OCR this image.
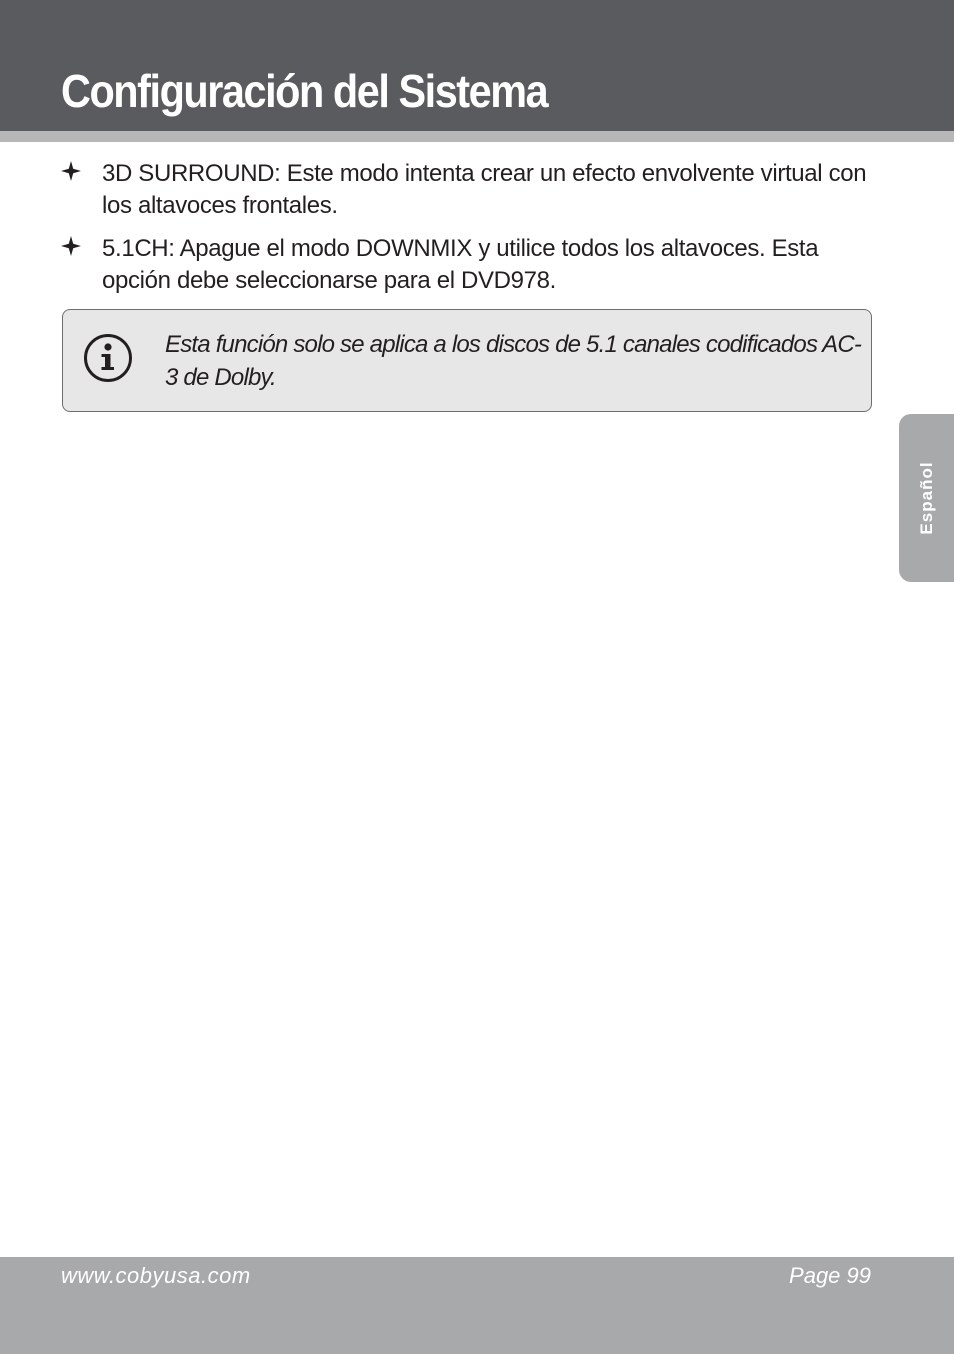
Configuración del Sistema
3D SURROUND: Este modo intenta crear un efecto envolvente virtual con los altavoces frontales.
5.1CH: Apague el modo DOWNMIX y utilice todos los altavoces. Esta opción debe seleccionarse para el DVD978.

Esta función solo se aplica a los discos de 5.1 canales codificados AC-3 de Dolby.

Español
www.cobyusa.com	Page 99
